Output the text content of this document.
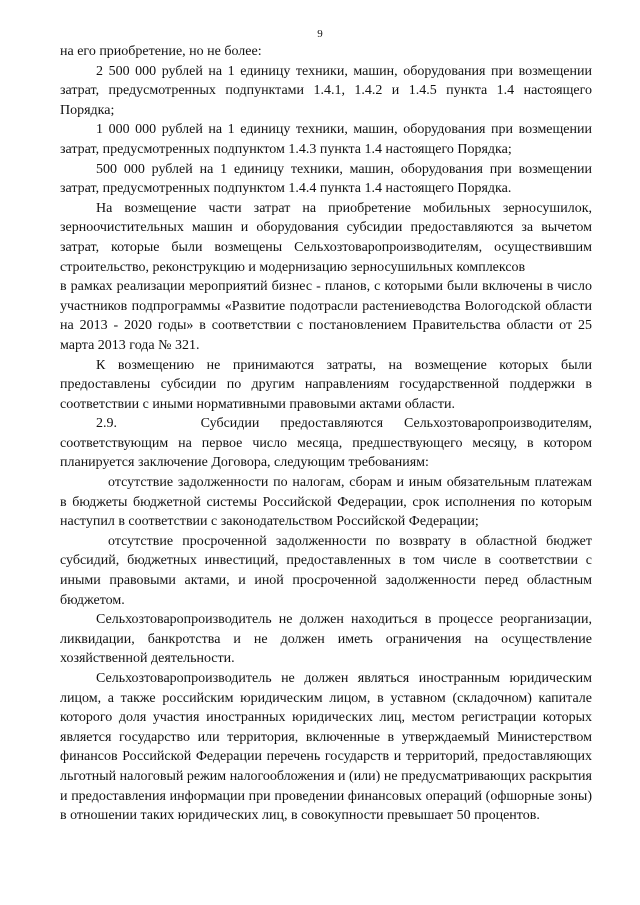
9

на его приобретение, но не более:

2 500 000 рублей на 1 единицу техники, машин, оборудования при возмещении затрат, предусмотренных подпунктами 1.4.1, 1.4.2 и 1.4.5 пункта 1.4 настоящего Порядка;

1 000 000 рублей на 1 единицу техники, машин, оборудования при возмещении затрат, предусмотренных подпунктом 1.4.3 пункта 1.4 настоящего Порядка;

500 000 рублей на 1 единицу техники, машин, оборудования при возмещении затрат, предусмотренных подпунктом 1.4.4 пункта 1.4 настоящего Порядка.

На возмещение части затрат на приобретение мобильных зерносушилок, зерноочистительных машин и оборудования субсидии предоставляются за вычетом затрат, которые были возмещены Сельхозтоваропроизводителям, осуществившим строительство, реконструкцию и модернизацию зерносушильных комплексов

в рамках реализации мероприятий бизнес - планов, с которыми были включены в число участников подпрограммы «Развитие подотрасли растениеводства Вологодской области на 2013 - 2020 годы» в соответствии с постановлением Правительства области от 25 марта 2013 года № 321.

К возмещению не принимаются затраты, на возмещение которых были предоставлены субсидии по другим направлениям государственной поддержки в соответствии с иными нормативными правовыми актами области.

2.9.    Субсидии предоставляются Сельхозтоваропроизводителям, соответствующим на первое число месяца, предшествующего месяцу, в котором планируется заключение Договора, следующим требованиям:

отсутствие задолженности по налогам, сборам и иным обязательным платежам в бюджеты бюджетной системы Российской Федерации, срок исполнения по которым наступил в соответствии с законодательством Российской Федерации;

отсутствие просроченной задолженности по возврату в областной бюджет субсидий, бюджетных инвестиций, предоставленных в том числе в соответствии с иными правовыми актами, и иной просроченной задолженности перед областным бюджетом.

Сельхозтоваропроизводитель не должен находиться в процессе реорганизации, ликвидации, банкротства и не должен иметь ограничения на осуществление хозяйственной деятельности.

Сельхозтоваропроизводитель не должен являться иностранным юридическим лицом, а также российским юридическим лицом, в уставном (складочном) капитале которого доля участия иностранных юридических лиц, местом регистрации которых является государство или территория, включенные в утверждаемый Министерством финансов Российской Федерации перечень государств и территорий, предоставляющих льготный налоговый режим налогообложения и (или) не предусматривающих раскрытия и предоставления информации при проведении финансовых операций (офшорные зоны) в отношении таких юридических лиц, в совокупности превышает 50 процентов.
